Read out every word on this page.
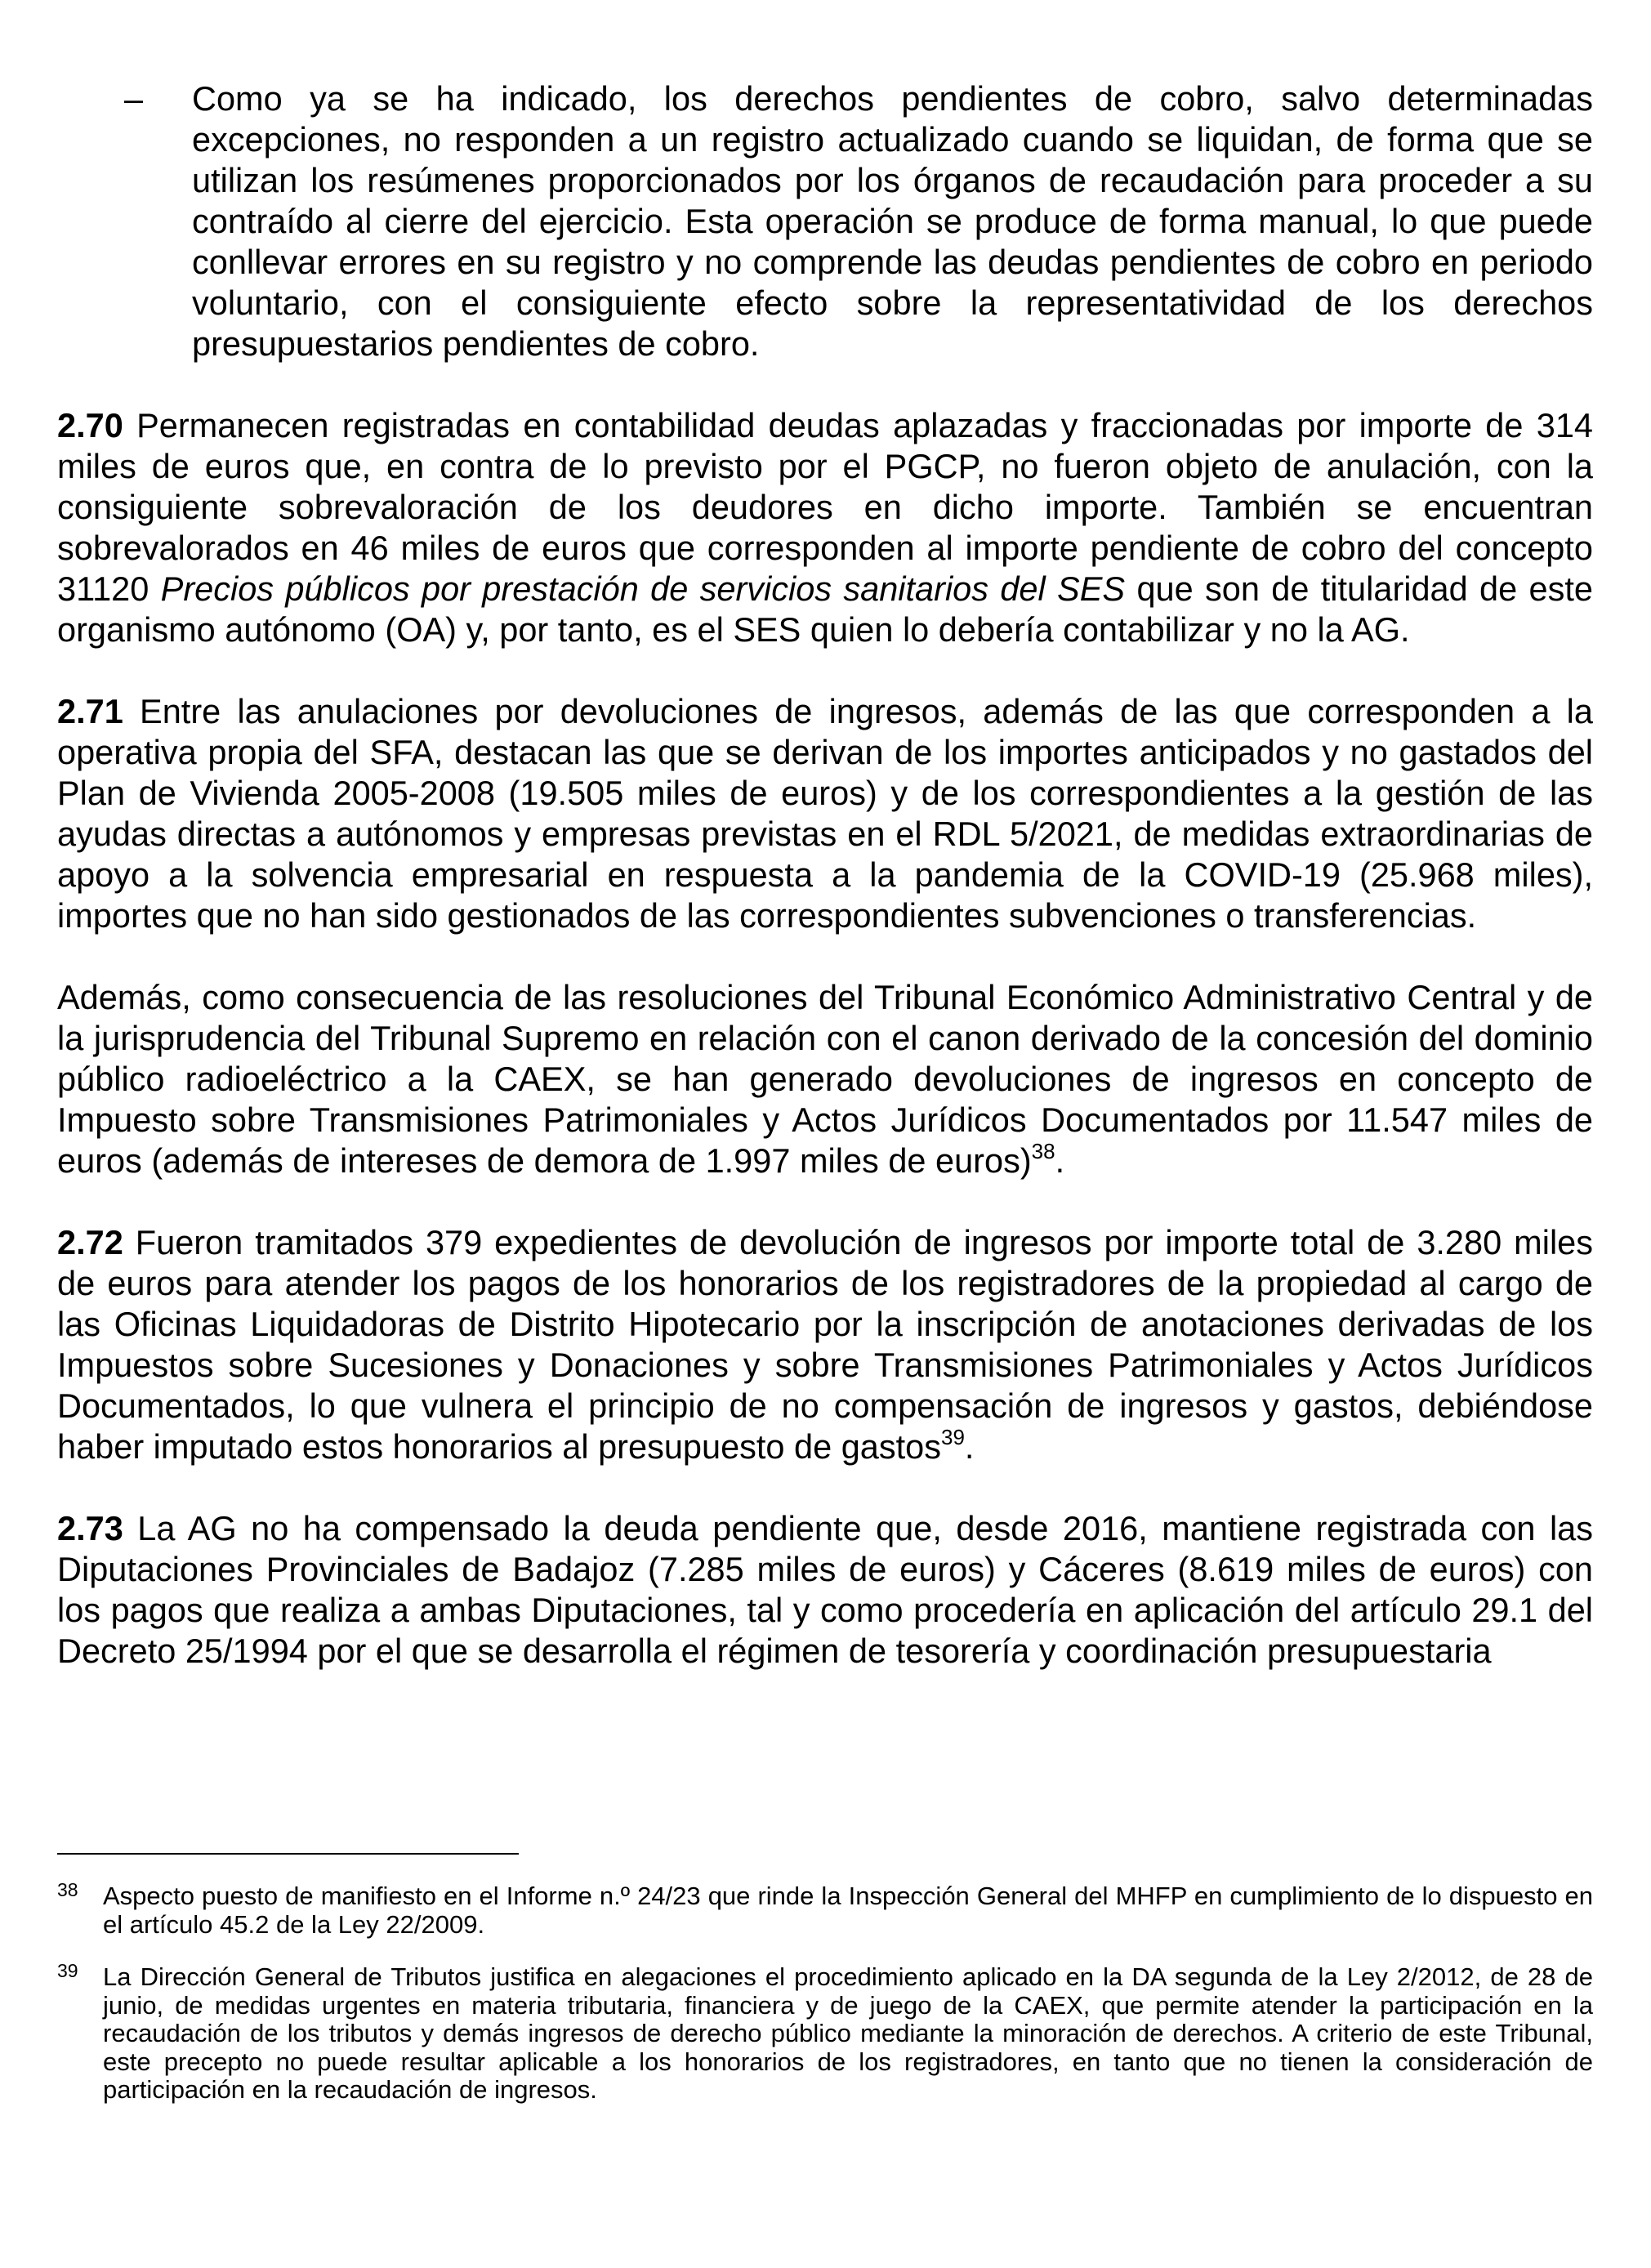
– Como ya se ha indicado, los derechos pendientes de cobro, salvo determinadas excepciones, no responden a un registro actualizado cuando se liquidan, de forma que se utilizan los resúmenes proporcionados por los órganos de recaudación para proceder a su contraído al cierre del ejercicio. Esta operación se produce de forma manual, lo que puede conllevar errores en su registro y no comprende las deudas pendientes de cobro en periodo voluntario, con el consiguiente efecto sobre la representatividad de los derechos presupuestarios pendientes de cobro.

2.70 Permanecen registradas en contabilidad deudas aplazadas y fraccionadas por importe de 314 miles de euros que, en contra de lo previsto por el PGCP, no fueron objeto de anulación, con la consiguiente sobrevaloración de los deudores en dicho importe. También se encuentran sobrevalorados en 46 miles de euros que corresponden al importe pendiente de cobro del concepto 31120 Precios públicos por prestación de servicios sanitarios del SES que son de titularidad de este organismo autónomo (OA) y, por tanto, es el SES quien lo debería contabilizar y no la AG.

2.71 Entre las anulaciones por devoluciones de ingresos, además de las que corresponden a la operativa propia del SFA, destacan las que se derivan de los importes anticipados y no gastados del Plan de Vivienda 2005-2008 (19.505 miles de euros) y de los correspondientes a la gestión de las ayudas directas a autónomos y empresas previstas en el RDL 5/2021, de medidas extraordinarias de apoyo a la solvencia empresarial en respuesta a la pandemia de la COVID-19 (25.968 miles), importes que no han sido gestionados de las correspondientes subvenciones o transferencias.

Además, como consecuencia de las resoluciones del Tribunal Económico Administrativo Central y de la jurisprudencia del Tribunal Supremo en relación con el canon derivado de la concesión del dominio público radioeléctrico a la CAEX, se han generado devoluciones de ingresos en concepto de Impuesto sobre Transmisiones Patrimoniales y Actos Jurídicos Documentados por 11.547 miles de euros (además de intereses de demora de 1.997 miles de euros)$^{38}$.

2.72 Fueron tramitados 379 expedientes de devolución de ingresos por importe total de 3.280 miles de euros para atender los pagos de los honorarios de los registradores de la propiedad al cargo de las Oficinas Liquidadoras de Distrito Hipotecario por la inscripción de anotaciones derivadas de los Impuestos sobre Sucesiones y Donaciones y sobre Transmisiones Patrimoniales y Actos Jurídicos Documentados, lo que vulnera el principio de no compensación de ingresos y gastos, debiéndose haber imputado estos honorarios al presupuesto de gastos$^{39}$.

2.73 La AG no ha compensado la deuda pendiente que, desde 2016, mantiene registrada con las Diputaciones Provinciales de Badajoz (7.285 miles de euros) y Cáceres (8.619 miles de euros) con los pagos que realiza a ambas Diputaciones, tal y como procedería en aplicación del artículo 29.1 del Decreto 25/1994 por el que se desarrolla el régimen de tesorería y coordinación presupuestaria

38 Aspecto puesto de manifiesto en el Informe n.º 24/23 que rinde la Inspección General del MHFP en cumplimiento de lo dispuesto en el artículo 45.2 de la Ley 22/2009.
39 La Dirección General de Tributos justifica en alegaciones el procedimiento aplicado en la DA segunda de la Ley 2/2012, de 28 de junio, de medidas urgentes en materia tributaria, financiera y de juego de la CAEX, que permite atender la participación en la recaudación de los tributos y demás ingresos de derecho público mediante la minoración de derechos. A criterio de este Tribunal, este precepto no puede resultar aplicable a los honorarios de los registradores, en tanto que no tienen la consideración de participación en la recaudación de ingresos.
